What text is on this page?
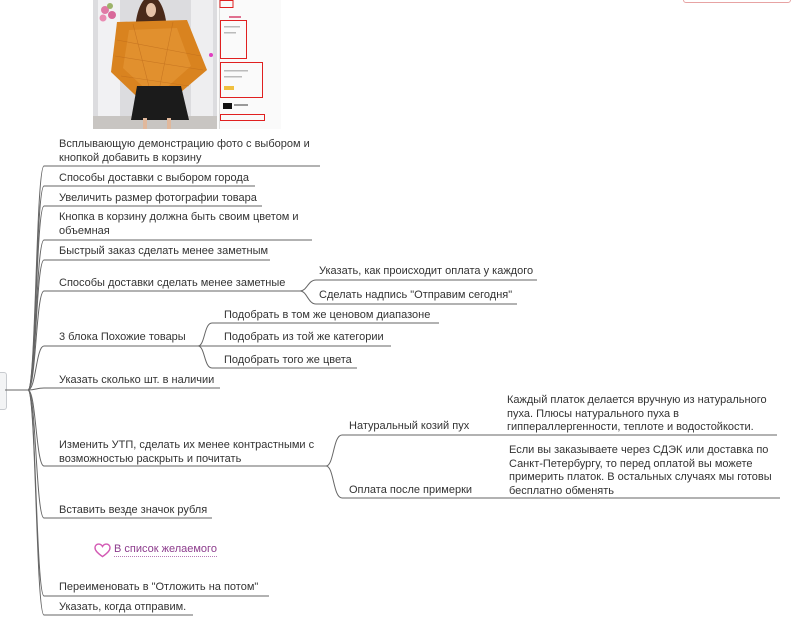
Всплывающую демонстрацию фото с выбором и
кнопкой добавить в корзину
Способы доставки с выбором города
Увеличить размер фотографии товара
Кнопка в корзину должна быть своим цветом и
объемная
Быстрый заказ сделать менее заметным
Способы доставки сделать менее заметные
Указать, как происходит оплата у каждого
Сделать надпись "Отправим сегодня"
3 блока Похожие товары
Подобрать в том же ценовом диапазоне
Подобрать из той же категории
Подобрать того же цвета
Указать сколько шт. в наличии
Изменить УТП, сделать их менее контрастными с
возможностью раскрыть и почитать
Натуральный козий пух
Каждый платок делается вручную из натурального
пуха. Плюсы натурального пуха в
гиппераллергенности, теплоте и водостойкости.
Оплата после примерки
Если вы заказываете через СДЭК или доставка по
Санкт-Петербургу, то перед оплатой вы можете
примерить платок. В остальных случаях мы готовы
бесплатно обменять
Вставить везде значок рубля
В список желаемого
Переименовать в "Отложить на потом"
Указать, когда отправим.
